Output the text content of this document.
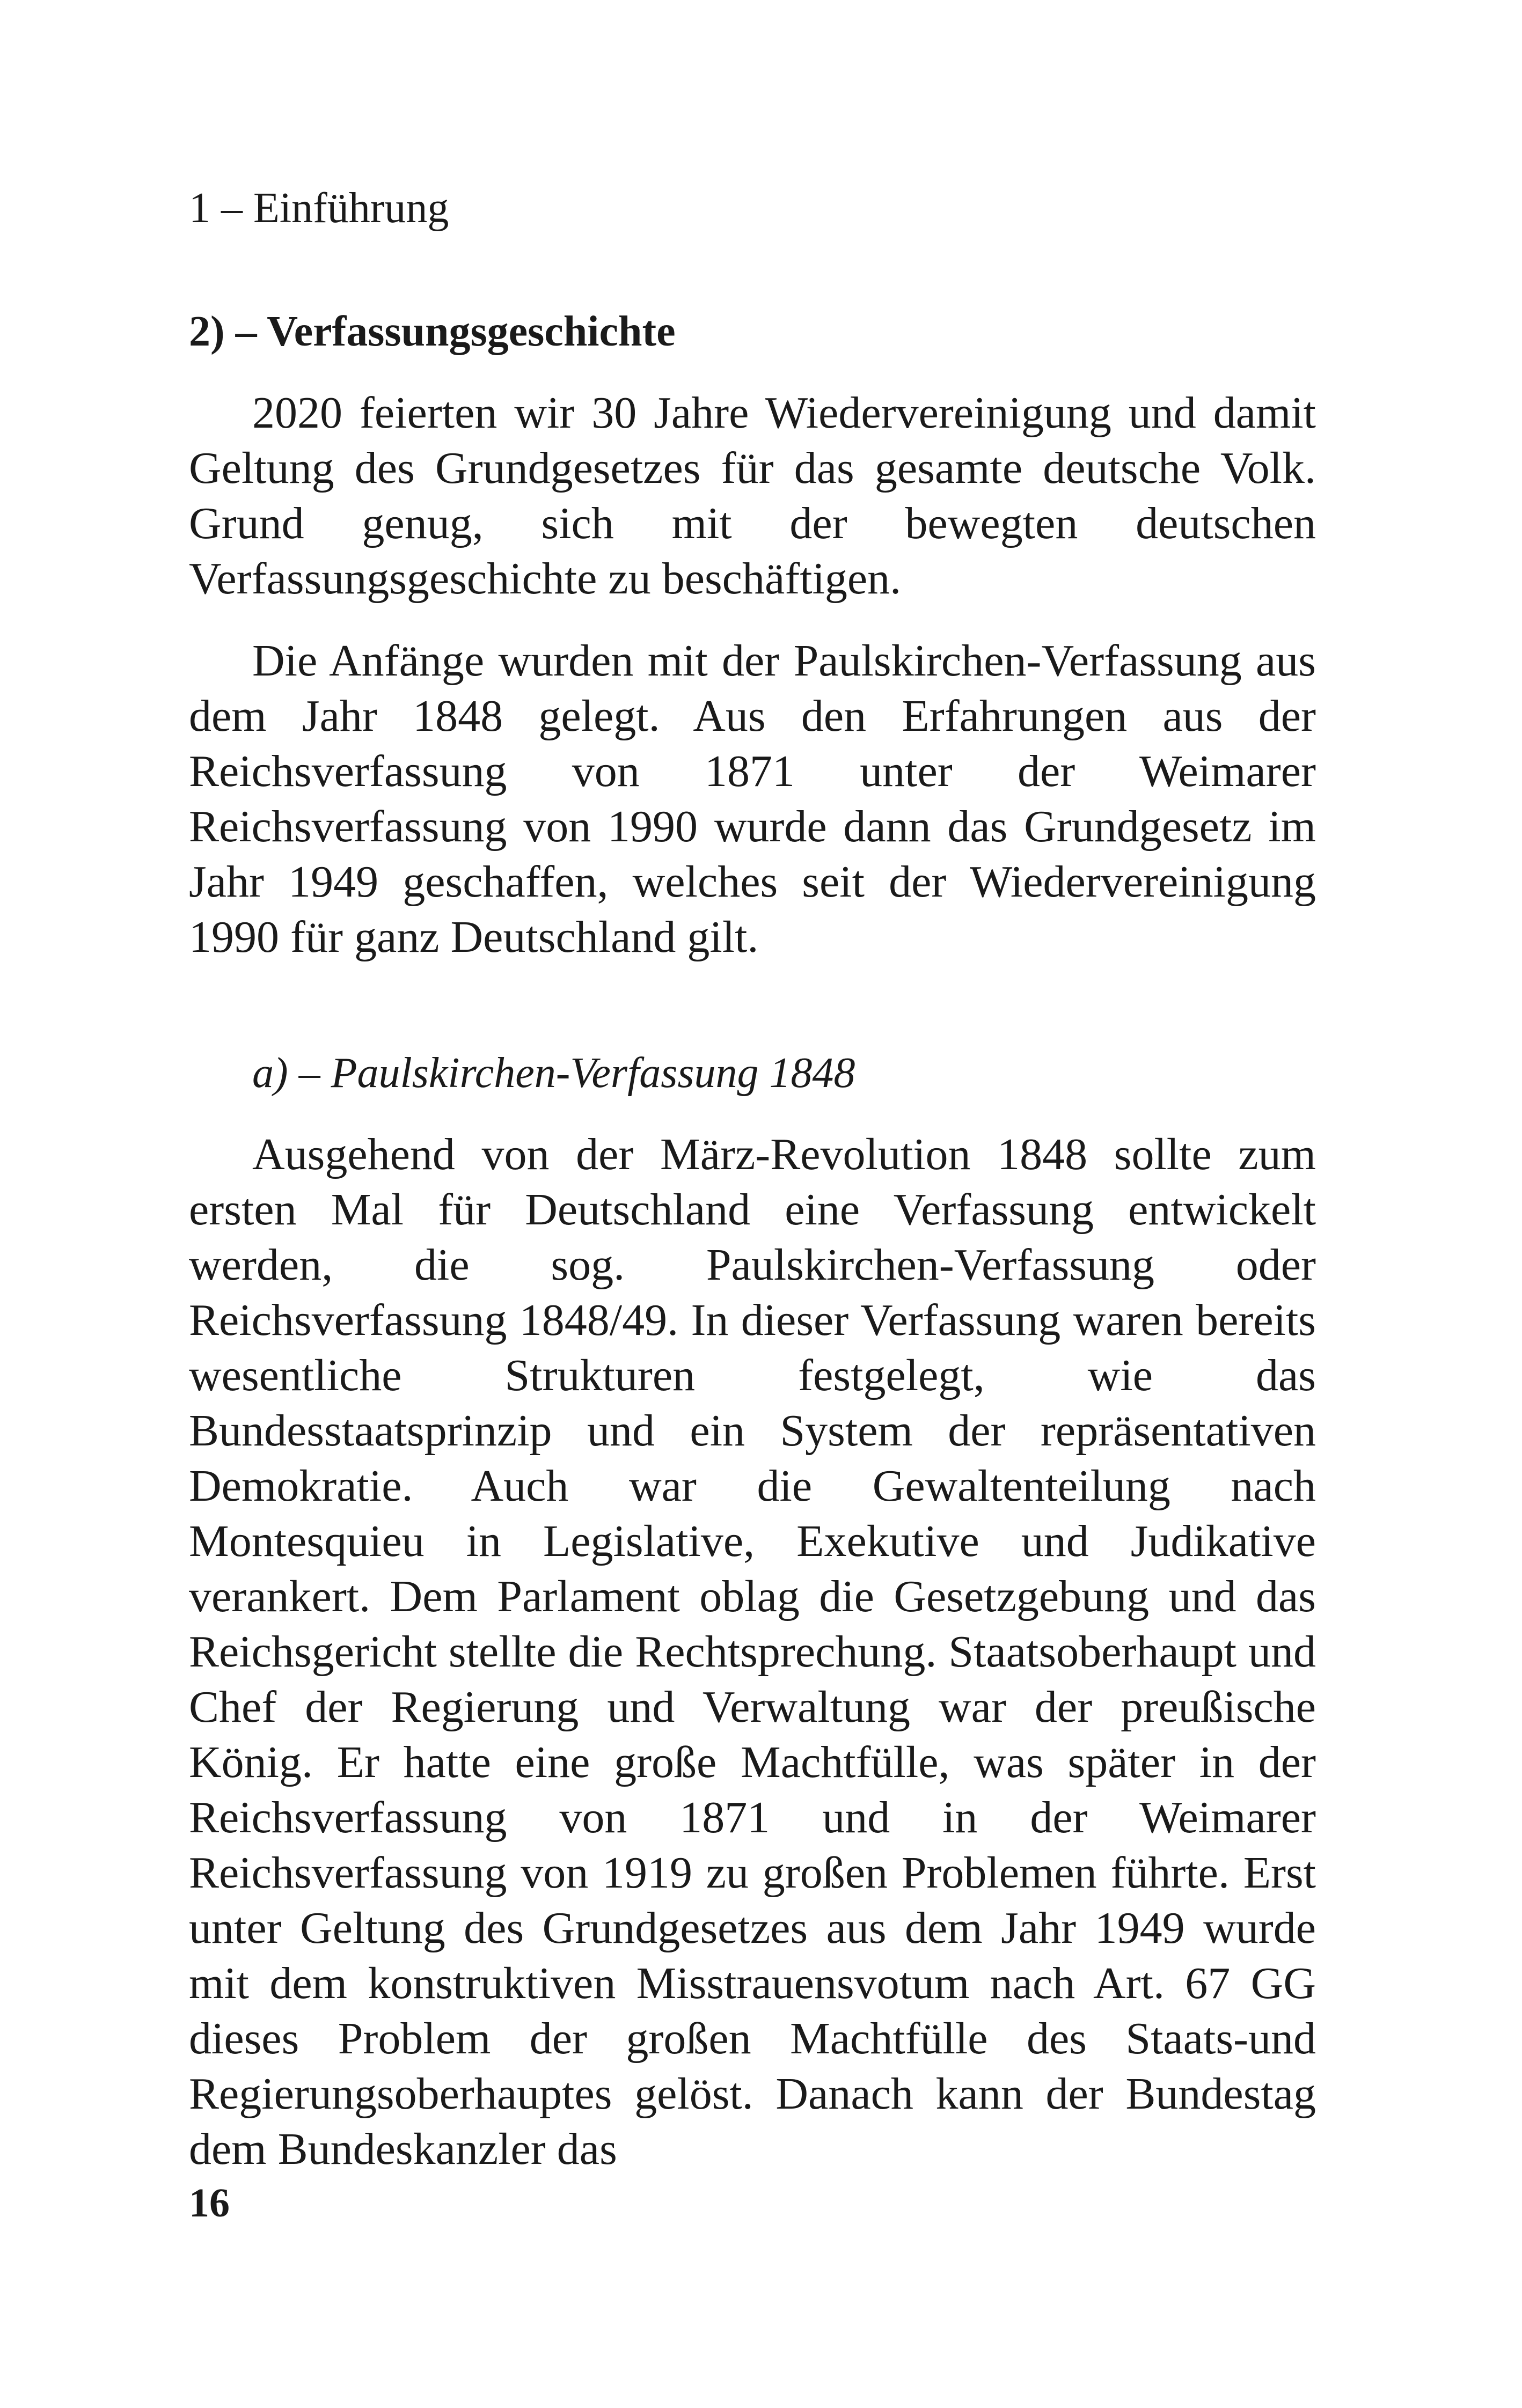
1 – Einführung
2) – Verfassungsgeschichte

2020 feierten wir 30 Jahre Wiedervereinigung und damit Geltung des Grundgesetzes für das gesamte deutsche Volk. Grund genug, sich mit der bewegten deutschen Verfassungsgeschichte zu beschäftigen.

Die Anfänge wurden mit der Paulskirchen-Verfassung aus dem Jahr 1848 gelegt. Aus den Erfahrungen aus der Reichsverfassung von 1871 unter der Weimarer Reichsverfassung von 1990 wurde dann das Grundgesetz im Jahr 1949 geschaffen, welches seit der Wiedervereinigung 1990 für ganz Deutschland gilt.

a) – Paulskirchen-Verfassung 1848

Ausgehend von der März-Revolution 1848 sollte zum ersten Mal für Deutschland eine Verfassung entwickelt werden, die sog. Paulskirchen-Verfassung oder Reichsverfassung 1848/49. In dieser Verfassung waren bereits wesentliche Strukturen festgelegt, wie das Bundesstaatsprinzip und ein System der repräsentativen Demokratie. Auch war die Gewaltenteilung nach Montesquieu in Legislative, Exekutive und Judikative verankert. Dem Parlament oblag die Gesetzgebung und das Reichsgericht stellte die Rechtsprechung. Staatsoberhaupt und Chef der Regierung und Verwaltung war der preußische König. Er hatte eine große Machtfülle, was später in der Reichsverfassung von 1871 und in der Weimarer Reichsverfassung von 1919 zu großen Problemen führte. Erst unter Geltung des Grundgesetzes aus dem Jahr 1949 wurde mit dem konstruktiven Misstrauensvotum nach Art. 67 GG dieses Problem der großen Machtfülle des Staats-und Regierungsoberhauptes gelöst. Danach kann der Bundestag dem Bundeskanzler das

16
